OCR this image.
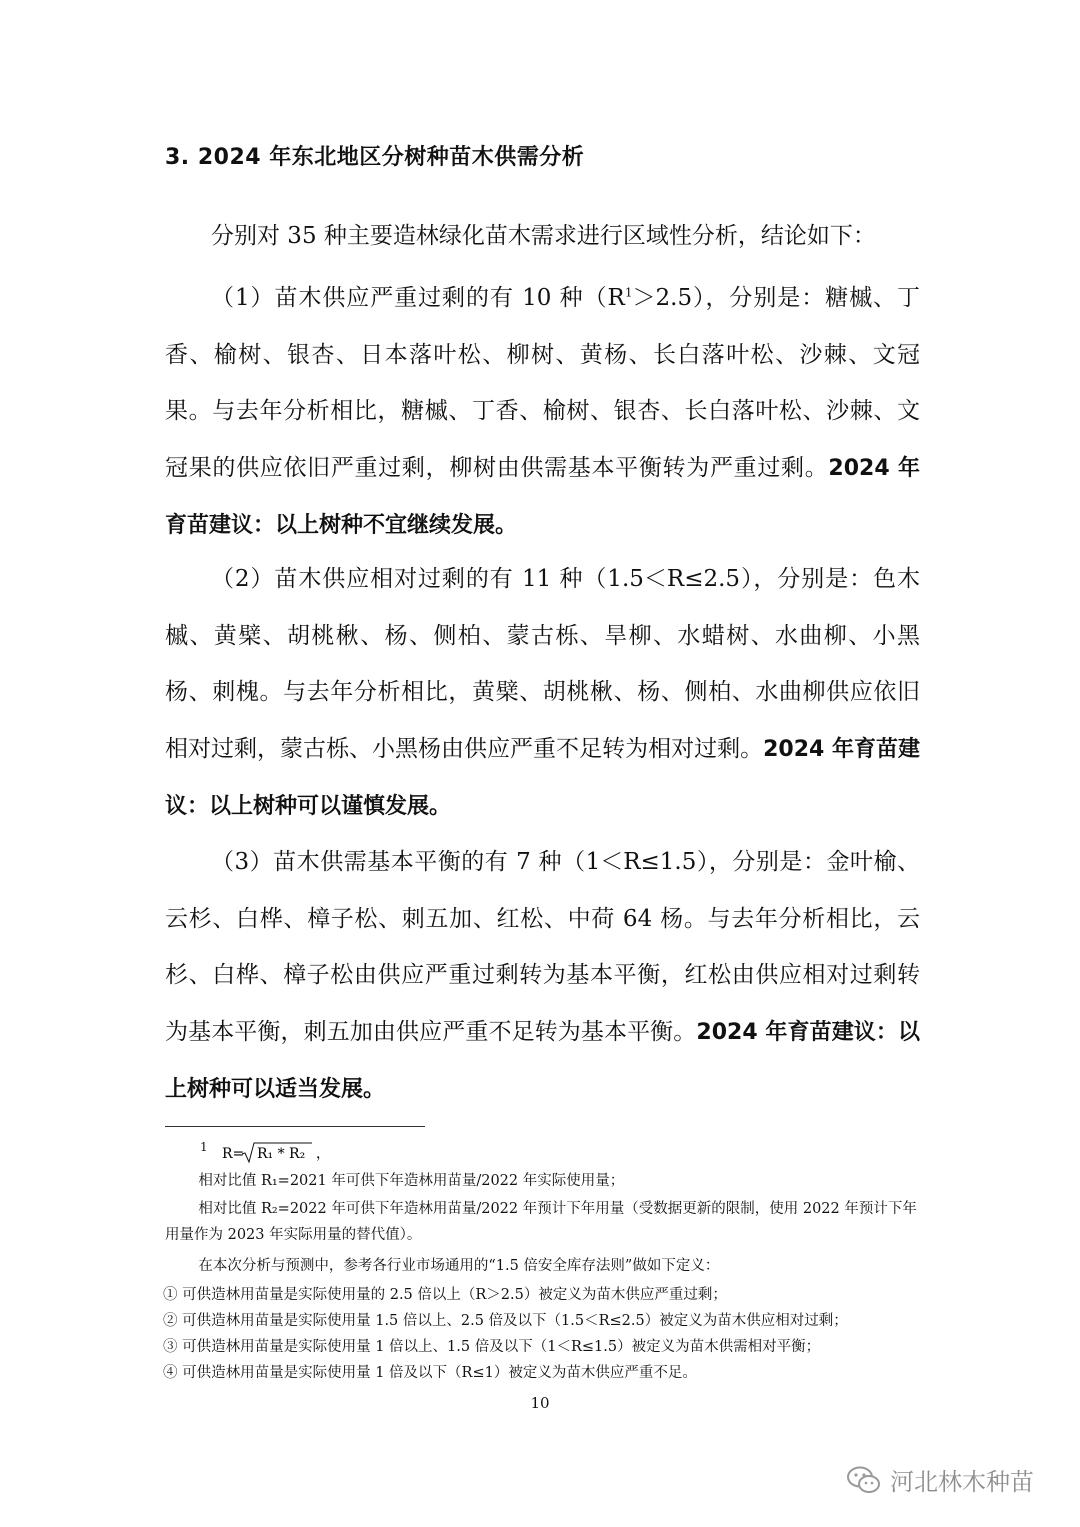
3. 2024 年东北地区分树种苗木供需分析
分别对 35 种主要造林绿化苗木需求进行区域性分析，结论如下：
（1）苗木供应严重过剩的有 10 种$(R^1>2.5)$，分别是：糖槭、丁香、榆树、银杏、日本落叶松、柳树、黄杨、长白落叶松、沙棘、文冠果。与去年分析相比，糖槭、丁香、榆树、银杏、长白落叶松、沙棘、文冠果的供应依旧严重过剩，柳树由供需基本平衡转为严重过剩。2024 年育苗建议：以上树种不宜继续发展。
（2）苗木供应相对过剩的有 11 种（1.5＜R≤2.5），分别是：色木槭、黄檗、胡桃楸、杨、侧柏、蒙古栎、旱柳、水蜡树、水曲柳、小黑杨、刺槐。与去年分析相比，黄檗、胡桃楸、杨、侧柏、水曲柳供应依旧相对过剩，蒙古栎、小黑杨由供应严重不足转为相对过剩。2024 年育苗建议：以上树种可以谨慎发展。
（3）苗木供需基本平衡的有 7 种（1＜R≤1.5），分别是：金叶榆、云杉、白桦、樟子松、刺五加、红松、中荷 64 杨。与去年分析相比，云杉、白桦、樟子松由供应严重过剩转为基本平衡，红松由供应相对过剩转为基本平衡，刺五加由供应严重不足转为基本平衡。2024 年育苗建议：以上树种可以适当发展。
$^1$ R= R₁ * R₂ ，
相对比值 R₁=2021 年可供下年造林用苗量/2022 年实际使用量；
相对比值 R₂=2022 年可供下年造林用苗量/2022 年预计下年用量（受数据更新的限制，使用 2022 年预计下年用量作为 2023 年实际用量的替代值）。
在本次分析与预测中，参考各行业市场通用的“1.5 倍安全库存法则”做如下定义：
① 可供造林用苗量是实际使用量的 2.5 倍以上（R＞2.5）被定义为苗木供应严重过剩；
② 可供造林用苗量是实际使用量 1.5 倍以上、2.5 倍及以下（1.5＜R≤2.5）被定义为苗木供应相对过剩；
③ 可供造林用苗量是实际使用量 1 倍以上、1.5 倍及以下（1＜R≤1.5）被定义为苗木供需相对平衡；
④ 可供造林用苗量是实际使用量 1 倍及以下（R≤1）被定义为苗木供应严重不足。
10
河北林木种苗
